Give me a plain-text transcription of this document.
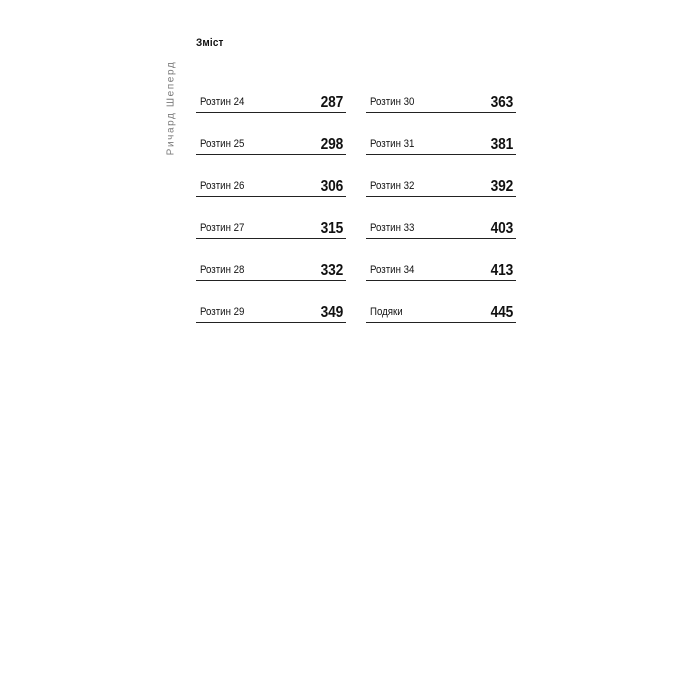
Зміст
Ричард Шеперд Розтин 24	287
Розтин 25	298
Розтин 26	306
Розтин 27	315
Розтин 28	332
Розтин 29	349
Розтин 30	363
Розтин 31	381
Розтин 32	392
Розтин 33	403
Розтин 34	413
Подяки	445
